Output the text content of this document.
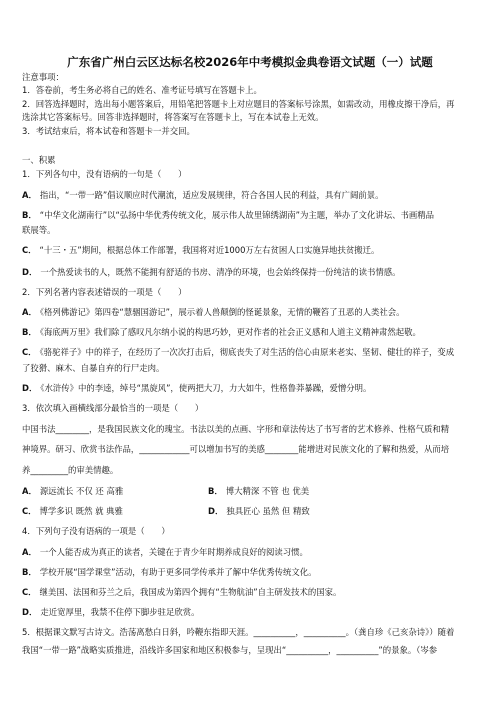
广东省广州白云区达标名校2026年中考模拟金典卷语文试题（一）试题
注意事项：
1．答卷前，考生务必将自己的姓名、准考证号填写在答题卡上。
2．回答选择题时，选出每小题答案后，用铅笔把答题卡上对应题目的答案标号涂黑，如需改动，用橡皮擦干净后，再
选涂其它答案标号。回答非选择题时，将答案写在答题卡上，写在本试卷上无效。
3．考试结束后，将本试卷和答题卡一并交回。
一、积累
1．下列各句中，没有语病的一句是（　　）
A． 指出，“一带一路”倡议顺应时代潮流，适应发展规律，符合各国人民的利益，具有广阔前景。
B． “中华文化湖南行”以“弘扬中华优秀传统文化，展示伟人故里锦绣湖南”为主题，举办了文化讲坛、书画精品
联展等。
C． “十三・五”期间，根据总体工作部署，我国将对近1000万左右贫困人口实施异地扶贫搬迁。
D． 一个热爱读书的人，既然不能拥有舒适的书房、清净的环境，也会始终保持一份纯洁的读书情感。
2．下列名著内容表述错误的一项是（　　）
A． 《格列佛游记》第四卷“慧骃国游记”，展示着人兽颠倒的怪诞景象，无情的鞭笞了丑恶的人类社会。
B． 《海底两万里》我们除了感叹凡尔纳小说的构思巧妙，更对作者的社会正义感和人道主义精神肃然起敬。
C． 《骆驼祥子》中的祥子，在经历了一次次打击后，彻底丧失了对生活的信心由原来老实、坚韧、健壮的祥子，变成
了狡猾、麻木、自暴自弃的行尸走肉。
D． 《水浒传》中的李逵，绰号“黑旋风”，使两把大刀，力大如牛，性格鲁莽暴躁，爱憎分明。
3．依次填入画横线部分最恰当的一项是（　　）
中国书法________，是我国民族文化的瑰宝。书法以美的点画、字形和章法传达了书写者的艺术修养、性格气质和精
神境界。研习、欣赏书法作品，____________可以增加书写的美感________能增进对民族文化的了解和热爱，从而培
养_________的审美情趣。
A． 源远流长 不仅 还 高雅	B． 博大精深 不管 也 优美
C． 博学多识 既然 就 典雅	D． 独具匠心 虽然 但 精致
4．下列句子没有语病的一项是（　　）
A． 一个人能否成为真正的读者，关键在于青少年时期养成良好的阅读习惯。
B． 学校开展“国学课堂”活动，有助于更多同学传承并了解中华优秀传统文化。
C． 继美国、法国和芬兰之后，我国成为第四个拥有“生物航油”自主研发技术的国家。
D． 走近宽厚里，我禁不住停下脚步驻足欣赏。
5．根据课文默写古诗文。浩荡离愁白日斜，吟鞭东指即天涯。__________，__________。（龚自珍《己亥杂诗》）随着
我国“一带一路”战略实质推进，沿线许多国家和地区积极参与，呈现出“__________，__________”的景象。（岑参
